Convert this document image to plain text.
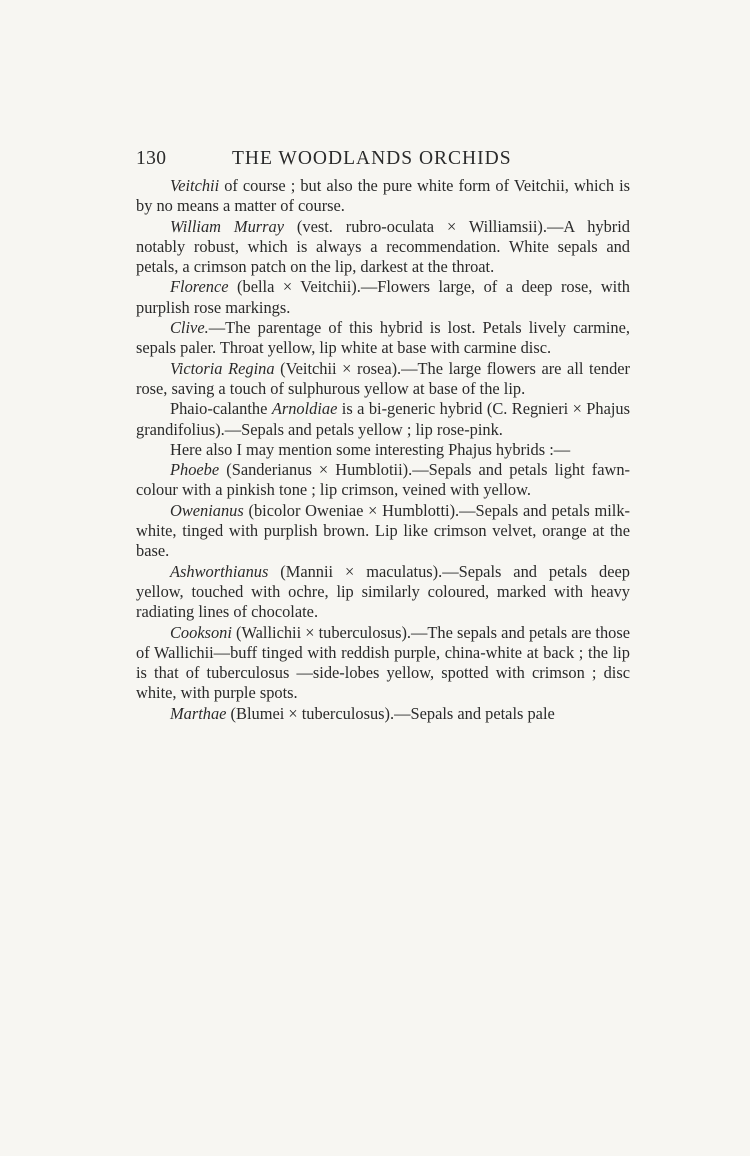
130	THE WOODLANDS ORCHIDS

Veitchii of course ; but also the pure white form of Veitchii, which is by no means a matter of course.

William Murray (vest. rubro-oculata × Williamsii).—A hybrid notably robust, which is always a recommendation. White sepals and petals, a crimson patch on the lip, darkest at the throat.

Florence (bella × Veitchii).—Flowers large, of a deep rose, with purplish rose markings.

Clive.—The parentage of this hybrid is lost. Petals lively carmine, sepals paler. Throat yellow, lip white at base with carmine disc.

Victoria Regina (Veitchii × rosea).—The large flowers are all tender rose, saving a touch of sulphurous yellow at base of the lip.

Phaio-calanthe Arnoldiae is a bi-generic hybrid (C. Regnieri × Phajus grandifolius).—Sepals and petals yellow ; lip rose-pink.

Here also I may mention some interesting Phajus hybrids :—

Phoebe (Sanderianus × Humblotii).—Sepals and petals light fawn-colour with a pinkish tone ; lip crimson, veined with yellow.

Owenianus (bicolor Oweniae × Humblotti).—Sepals and petals milk-white, tinged with purplish brown. Lip like crimson velvet, orange at the base.

Ashworthianus (Mannii × maculatus).—Sepals and petals deep yellow, touched with ochre, lip similarly coloured, marked with heavy radiating lines of chocolate.

Cooksoni (Wallichii × tuberculosus).—The sepals and petals are those of Wallichii—buff tinged with reddish purple, china-white at back ; the lip is that of tuberculosus —side-lobes yellow, spotted with crimson ; disc white, with purple spots.

Marthae (Blumei × tuberculosus).—Sepals and petals pale
